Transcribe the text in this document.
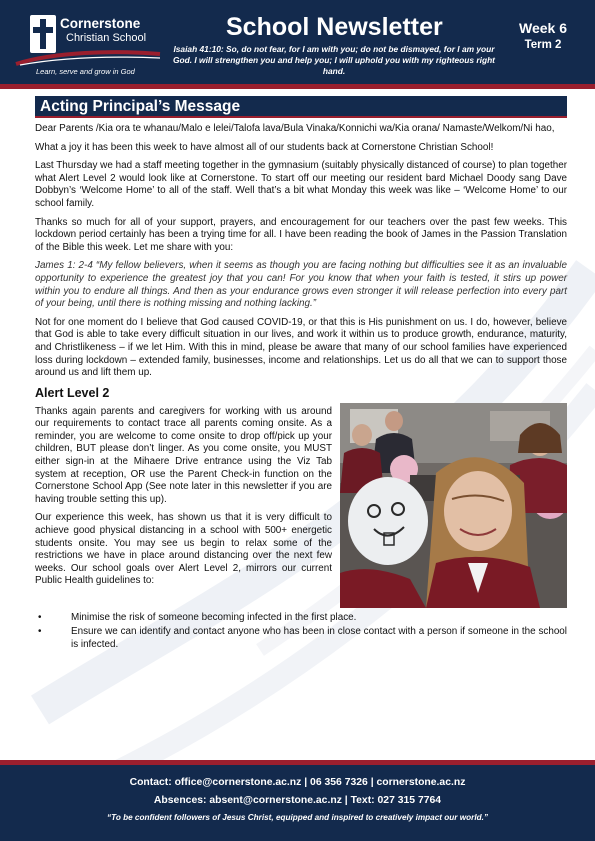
Cornerstone
Christian School
Learn, serve and grow in God
School Newsletter
Isaiah 41:10: So, do not fear, for I am with you; do not be dismayed, for I am your God. I will strengthen you and help you; I will uphold you with my righteous right hand.
Week 6
Term 2
Acting Principal’s Message

Dear Parents /Kia ora te whanau/Malo e lelei/Talofa lava/Bula Vinaka/Konnichi wa/Kia orana/ Namaste/Welkom/Ni hao,

What a joy it has been this week to have almost all of our students back at Cornerstone Christian School!

Last Thursday we had a staff meeting together in the gymnasium (suitably physically distanced of course) to plan together what Alert Level 2 would look like at Cornerstone. To start off our meeting our resident bard Michael Doody sang Dave Dobbyn’s ‘Welcome Home’ to all of the staff. Well that’s a bit what Monday this week was like – ‘Welcome Home’ to our school family.

Thanks so much for all of your support, prayers, and encouragement for our teachers over the past few weeks. This lockdown period certainly has been a trying time for all. I have been reading the book of James in the Passion Translation of the Bible this week. Let me share with you:

James 1: 2-4 “My fellow believers, when it seems as though you are facing nothing but difficulties see it as an invaluable opportunity to experience the greatest joy that you can! For you know that when your faith is tested, it stirs up power within you to endure all things. And then as your endurance grows even stronger it will release perfection into every part of your being, until there is nothing missing and nothing lacking.”

Not for one moment do I believe that God caused COVID-19, or that this is His punishment on us. I do, however, believe that God is able to take every difficult situation in our lives, and work it within us to produce growth, endurance, maturity, and Christlikeness – if we let Him. With this in mind, please be aware that many of our school families have experienced loss during lockdown – extended family, businesses, income and relationships. Let us do all that we can to support those around us and lift them up.

Alert Level 2

Thanks again parents and caregivers for working with us around our requirements to contact trace all parents coming onsite. As a reminder, you are welcome to come onsite to drop off/pick up your children, BUT please don’t linger. As you come onsite, you MUST either sign-in at the Mihaere Drive entrance using the Viz Tab system at reception, OR use the Parent Check-in function on the Cornerstone School App (See note later in this newsletter if you are having trouble setting this up).

Our experience this week, has shown us that it is very difficult to achieve good physical distancing in a school with 500+ energetic students onsite. You may see us begin to relax some of the restrictions we have in place around distancing over the next few weeks. Our school goals over Alert Level 2, mirrors our current Public Health guidelines to:

•	Minimise the risk of someone becoming infected in the first place.
•	Ensure we can identify and contact anyone who has been in close contact with a person if someone in the school is infected.
Contact: office@cornerstone.ac.nz | 06 356 7326 | cornerstone.ac.nz
Absences: absent@cornerstone.ac.nz | Text: 027 315 7764
“To be confident followers of Jesus Christ, equipped and inspired to creatively impact our world.”
